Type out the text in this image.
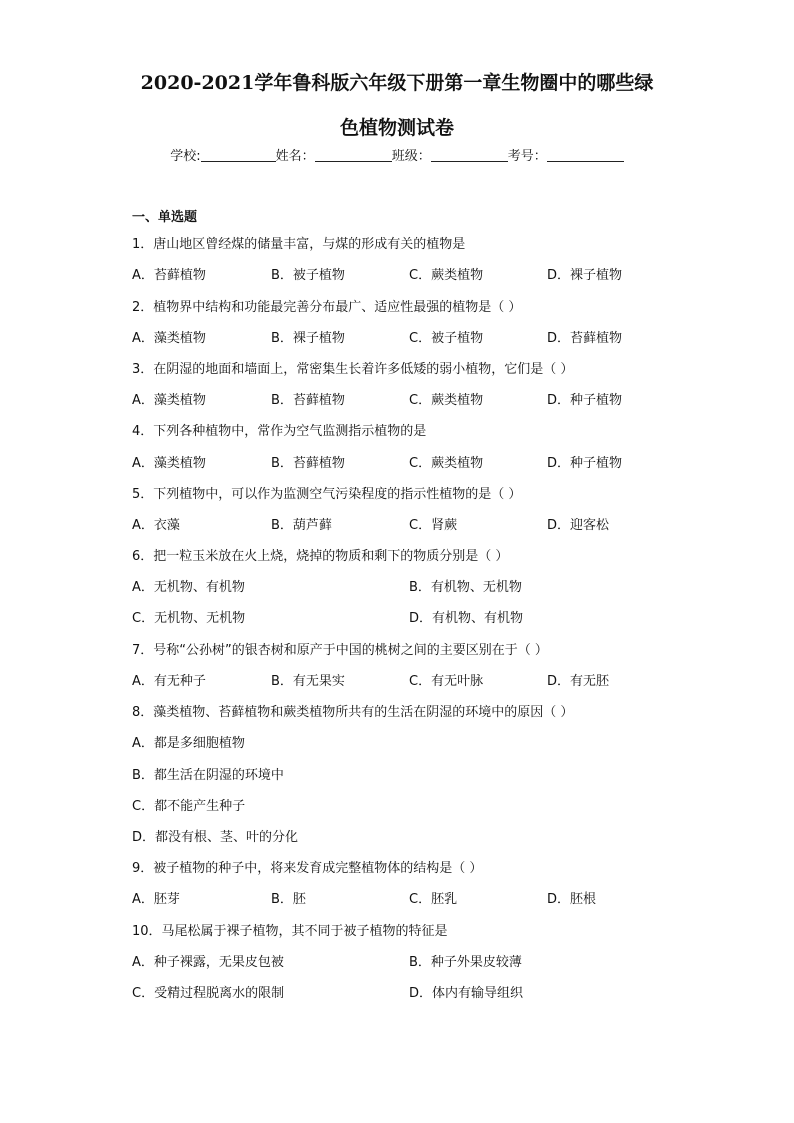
2020-2021学年鲁科版六年级下册第一章生物圈中的哪些绿
色植物测试卷
学校:	姓名：	班级：	考号：
一、单选题
1．唐山地区曾经煤的储量丰富，与煤的形成有关的植物是
A．苔藓植物	B．被子植物	C．蕨类植物	D．裸子植物
2．植物界中结构和功能最完善分布最广、适应性最强的植物是（ ）
A．藻类植物	B．裸子植物	C．被子植物	D．苔藓植物
3．在阴湿的地面和墙面上，常密集生长着许多低矮的弱小植物，它们是（ ）
A．藻类植物	B．苔藓植物	C．蕨类植物	D．种子植物
4．下列各种植物中，常作为空气监测指示植物的是
A．藻类植物	B．苔藓植物	C．蕨类植物	D．种子植物
5．下列植物中，可以作为监测空气污染程度的指示性植物的是（ ）
A．衣藻	B．葫芦藓	C．肾蕨	D．迎客松
6．把一粒玉米放在火上烧，烧掉的物质和剩下的物质分别是（ ）
A．无机物、有机物	B．有机物、无机物
C．无机物、无机物	D．有机物、有机物
7．号称“公孙树”的银杏树和原产于中国的桃树之间的主要区别在于（ ）
A．有无种子	B．有无果实	C．有无叶脉	D．有无胚
8．藻类植物、苔藓植物和蕨类植物所共有的生活在阴湿的环境中的原因（ ）
A．都是多细胞植物
B．都生活在阴湿的环境中
C．都不能产生种子
D．都没有根、茎、叶的分化
9．被子植物的种子中，将来发育成完整植物体的结构是（ ）
A．胚芽	B．胚	C．胚乳	D．胚根
10．马尾松属于裸子植物，其不同于被子植物的特征是
A．种子裸露，无果皮包被	B．种子外果皮较薄
C．受精过程脱离水的限制	D．体内有输导组织
